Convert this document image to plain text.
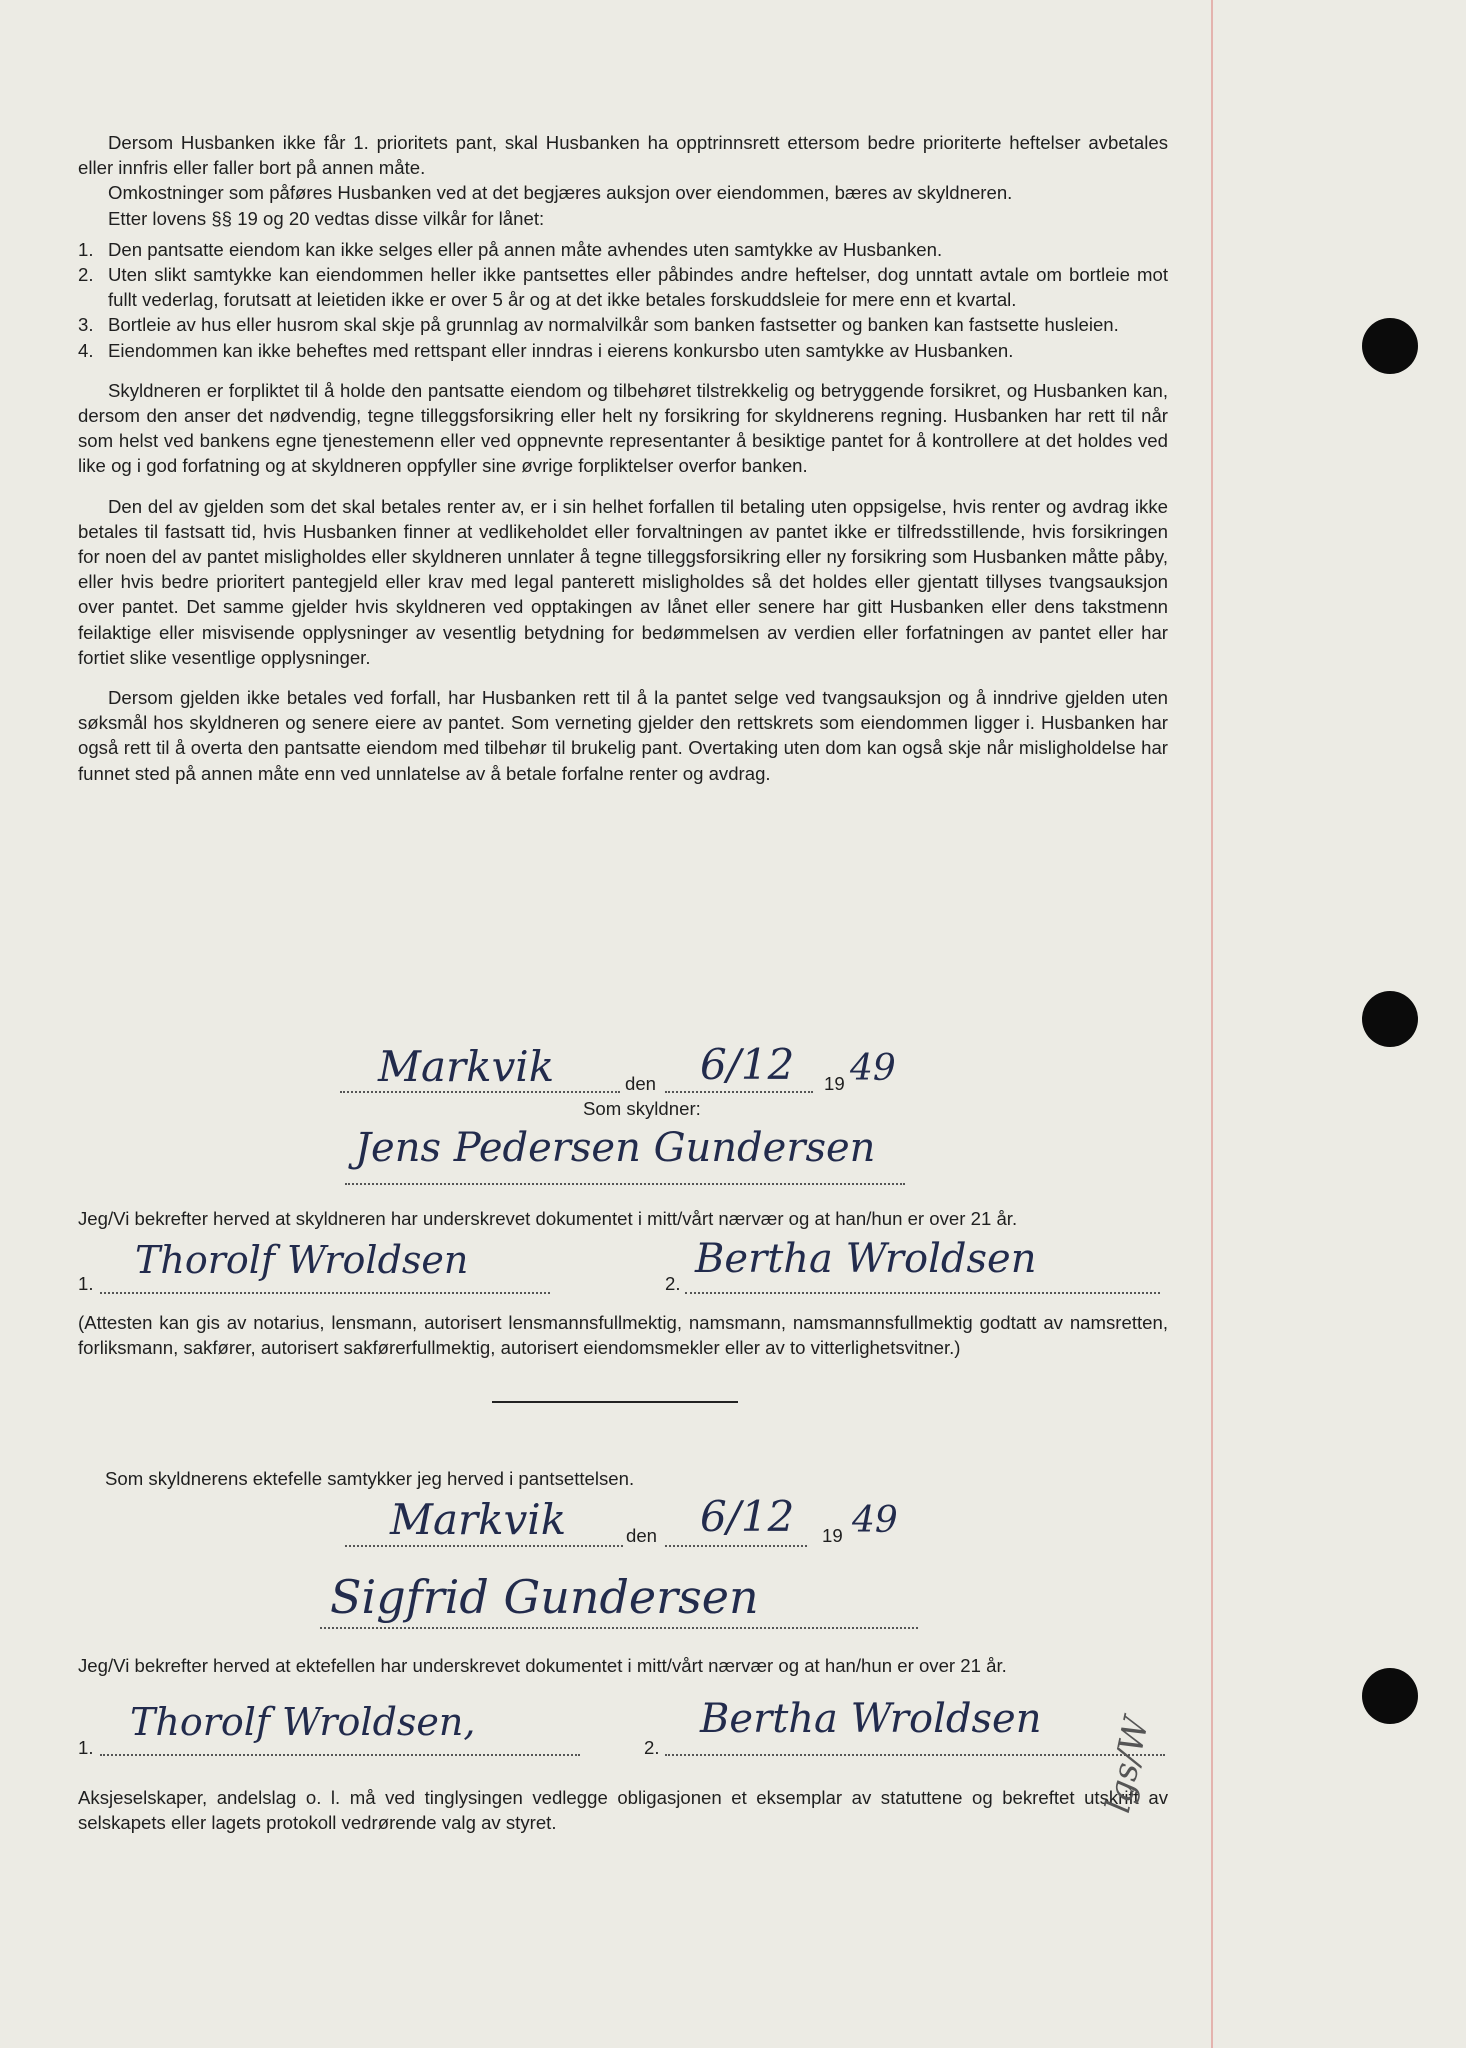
Dersom Husbanken ikke får 1. prioritets pant, skal Husbanken ha opptrinnsrett ettersom bedre prioriterte heftelser avbetales eller innfris eller faller bort på annen måte.

Omkostninger som påføres Husbanken ved at det begjæres auksjon over eiendommen, bæres av skyldneren.

Etter lovens §§ 19 og 20 vedtas disse vilkår for lånet:

1. Den pantsatte eiendom kan ikke selges eller på annen måte avhendes uten samtykke av Husbanken.
2. Uten slikt samtykke kan eiendommen heller ikke pantsettes eller påbindes andre heftelser, dog unntatt avtale om bortleie mot fullt vederlag, forutsatt at leietiden ikke er over 5 år og at det ikke betales forskuddsleie for mere enn et kvartal.
3. Bortleie av hus eller husrom skal skje på grunnlag av normalvilkår som banken fastsetter og banken kan fastsette husleien.
4. Eiendommen kan ikke beheftes med rettspant eller inndras i eierens konkursbo uten samtykke av Husbanken.

Skyldneren er forpliktet til å holde den pantsatte eiendom og tilbehøret tilstrekkelig og betryggende forsikret, og Husbanken kan, dersom den anser det nødvendig, tegne tilleggsforsikring eller helt ny forsikring for skyldnerens regning. Husbanken har rett til når som helst ved bankens egne tjenestemenn eller ved oppnevnte representanter å besiktige pantet for å kontrollere at det holdes ved like og i god forfatning og at skyldneren oppfyller sine øvrige forpliktelser overfor banken.

Den del av gjelden som det skal betales renter av, er i sin helhet forfallen til betaling uten oppsigelse, hvis renter og avdrag ikke betales til fastsatt tid, hvis Husbanken finner at vedlikeholdet eller forvaltningen av pantet ikke er tilfredsstillende, hvis forsikringen for noen del av pantet misligholdes eller skyldneren unnlater å tegne tilleggsforsikring eller ny forsikring som Husbanken måtte påby, eller hvis bedre prioritert pantegjeld eller krav med legal panterett misligholdes så det holdes eller gjentatt tillyses tvangsauksjon over pantet. Det samme gjelder hvis skyldneren ved opptakingen av lånet eller senere har gitt Husbanken eller dens takstmenn feilaktige eller misvisende opplysninger av vesentlig betydning for bedømmelsen av verdien eller forfatningen av pantet eller har fortiet slike vesentlige opplysninger.

Dersom gjelden ikke betales ved forfall, har Husbanken rett til å la pantet selge ved tvangsauksjon og å inndrive gjelden uten søksmål hos skyldneren og senere eiere av pantet. Som verneting gjelder den rettskrets som eiendommen ligger i. Husbanken har også rett til å overta den pantsatte eiendom med tilbehør til brukelig pant. Overtaking uten dom kan også skje når misligholdelse har funnet sted på annen måte enn ved unnlatelse av å betale forfalne renter og avdrag.

Markvik	den 6/12 19 49
Som skyldner:
Jens Pedersen Gundersen
Jeg/Vi bekrefter herved at skyldneren har underskrevet dokumentet i mitt/vårt nærvær og at han/hun er over 21 år.
1.
Thorolf Wroldsen
2.
Bertha Wroldsen
(Attesten kan gis av notarius, lensmann, autorisert lensmannsfullmektig, namsmann, namsmannsfullmektig godtatt av namsretten, forliksmann, sakfører, autorisert sakførerfullmektig, autorisert eiendomsmekler eller av to vitterlighetsvitner.)
Som skyldnerens ektefelle samtykker jeg herved i pantsettelsen.
Markvik	den 6/12 19 49
Sigfrid Gundersen
Jeg/Vi bekrefter herved at ektefellen har underskrevet dokumentet i mitt/vårt nærvær og at han/hun er over 21 år.
1.
Thorolf Wroldsen,
2.
Bertha Wroldsen
Aksjeselskaper, andelslag o. l. må ved tinglysingen vedlegge obligasjonen et eksemplar av statuttene og bekreftet utskrift av selskapets eller lagets protokoll vedrørende valg av styret.
lgs/W
